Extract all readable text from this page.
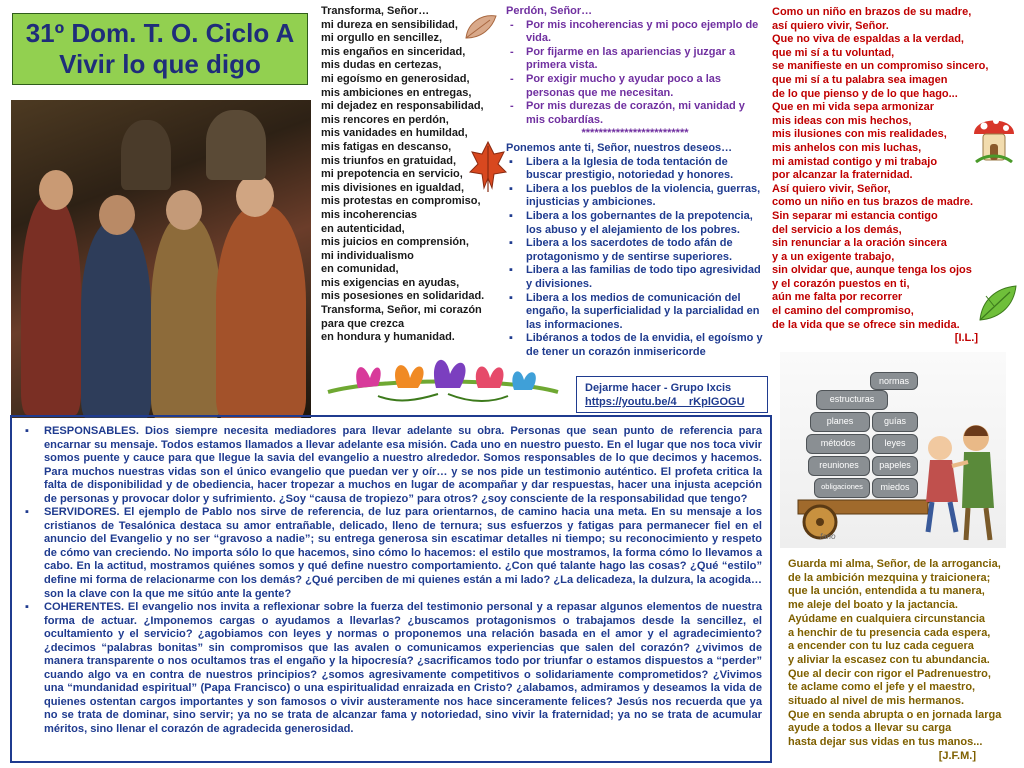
31º Dom. T. O. Ciclo A
Vivir lo que digo
Transforma, Señor…
mi dureza en sensibilidad,
mi orgullo en sencillez,
mis engaños en sinceridad,
mis dudas en certezas,
mi egoísmo en generosidad,
mis ambiciones en entregas,
mi dejadez en responsabilidad,
mis rencores en perdón,
mis vanidades en humildad,
mis fatigas en descanso,
mis triunfos en gratuidad,
mi prepotencia en servicio,
mis divisiones en igualdad,
mis protestas en compromiso,
mis incoherencias
en autenticidad,
mis juicios en comprensión,
mi individualismo
en comunidad,
mis exigencias en ayudas,
mis posesiones en solidaridad.
Transforma, Señor, mi corazón
para que crezca
en hondura y humanidad.
Perdón, Señor…
- Por mis incoherencias y mi poco ejemplo de vida.
- Por fijarme en las apariencias y juzgar a primera vista.
- Por exigir mucho y ayudar poco a las personas que me necesitan.
- Por mis durezas de corazón, mi vanidad y mis cobardías.
*************************
Ponemos ante ti, Señor, nuestros deseos…
▪ Libera a la Iglesia de toda tentación de buscar prestigio, notoriedad y honores.
▪ Libera a los pueblos de la violencia, guerras, injusticias y ambiciones.
▪ Libera a los gobernantes de la prepotencia, los abuso y el alejamiento de los pobres.
▪ Libera a los sacerdotes de todo afán de protagonismo y de sentirse superiores.
▪ Libera a las familias de todo tipo agresividad y divisiones.
▪ Libera a los medios de comunicación del engaño, la superficialidad y la parcialidad en las informaciones.
▪ Libéranos a todos de la envidia, el egoísmo y de tener un corazón inmisericorde
Como un niño en brazos de su madre,
así quiero vivir, Señor.
Que no viva de espaldas a la verdad,
que mi sí a tu voluntad,
se manifieste en un compromiso sincero,
que mi sí a tu palabra sea imagen
de lo que pienso y de lo que hago...
Que en mi vida sepa armonizar
mis ideas con mis hechos,
mis ilusiones con mis realidades,
mis anhelos con mis luchas,
mi amistad contigo y mi trabajo
por alcanzar la fraternidad.
Así quiero vivir, Señor,
como un niño en tus brazos de madre.
Sin separar mi estancia contigo
del servicio a los demás,
sin renunciar a la oración sincera
y a un exigente trabajo,
sin olvidar que, aunque tenga los ojos
y el corazón puestos en ti,
aún me falta por recorrer
el camino del compromiso,
de la vida que se ofrece sin medida.
[I.L.]
Dejarme hacer - Grupo Ixcis
https://youtu.be/4__rKplGOGU
normas
estructuras
planes	guías
métodos	leyes
reuniones	papeles
obligaciones	miedos
fano

▪ RESPONSABLES. Dios siempre necesita mediadores para llevar adelante su obra. Personas que sean punto de referencia para encarnar su mensaje. Todos estamos llamados a llevar adelante esa misión. Cada uno en nuestro puesto. En el lugar que nos toca vivir somos puente y cauce para que llegue la savia del evangelio a nuestro alrededor. Somos responsables de lo que decimos y hacemos. Para muchos nuestras vidas son el único evangelio que puedan ver y oír… y se nos pide un testimonio auténtico. El profeta critica la falta de disponibilidad y de obediencia, hacer tropezar a muchos en lugar de acompañar y dar respuestas, hacer una injusta acepción de personas y provocar dolor y sufrimiento. ¿Soy “causa de tropiezo” para otros? ¿soy consciente de la responsabilidad que tengo?

▪ SERVIDORES. El ejemplo de Pablo nos sirve de referencia, de luz para orientarnos, de camino hacia una meta. En su mensaje a los cristianos de Tesalónica destaca su amor entrañable, delicado, lleno de ternura; sus esfuerzos y fatigas para permanecer fiel en el anuncio del Evangelio y no ser “gravoso a nadie”; su entrega generosa sin escatimar detalles ni tiempo; su reconocimiento y respeto de cómo van creciendo. No importa sólo lo que hacemos, sino cómo lo hacemos: el estilo que mostramos, la forma cómo lo llevamos a cabo. En la actitud, mostramos quiénes somos y qué define nuestro comportamiento. ¿Con qué talante hago las cosas? ¿Qué “estilo” define mi forma de relacionarme con los demás? ¿Qué perciben de mi quienes están a mi lado? ¿La delicadeza, la dulzura, la acogida… son la clave con la que me sitúo ante la gente?

▪ COHERENTES. El evangelio nos invita a reflexionar sobre la fuerza del testimonio personal y a repasar algunos elementos de nuestra forma de actuar. ¿Imponemos cargas o ayudamos a llevarlas? ¿buscamos protagonismos o trabajamos desde la sencillez, el ocultamiento y el servicio? ¿agobiamos con leyes y normas o proponemos una relación basada en el amor y el agradecimiento? ¿decimos “palabras bonitas” sin compromisos que las avalen o comunicamos experiencias que salen del corazón? ¿vivimos de manera transparente o nos ocultamos tras el engaño y la hipocresía? ¿sacrificamos todo por triunfar o estamos dispuestos a “perder” cuando algo va en contra de nuestros principios? ¿somos agresivamente competitivos o solidariamente comprometidos? ¿Vivimos una “mundanidad espiritual” (Papa Francisco) o una espiritualidad enraizada en Cristo? ¿alabamos, admiramos y deseamos la vida de quienes ostentan cargos importantes y son famosos o vivir austeramente nos hace sinceramente felices? Jesús nos recuerda que ya no se trata de dominar, sino servir; ya no se trata de alcanzar fama y notoriedad, sino vivir la fraternidad; ya no se trata de acumular méritos, sino llenar el corazón de agradecida generosidad.

Guarda mi alma, Señor, de la arrogancia,
de la ambición mezquina y traicionera;
que la unción, entendida a tu manera,
me aleje del boato y la jactancia.
Ayúdame en cualquiera circunstancia
a henchir de tu presencia cada espera,
a encender con tu luz cada ceguera
y aliviar la escasez con tu abundancia.
Que al decir con rigor el Padrenuestro,
te aclame como el jefe y el maestro,
situado al nivel de mis hermanos.
Que en senda abrupta o en jornada larga
ayude a todos a llevar su carga
hasta dejar sus vidas en tus manos...
[J.F.M.]
